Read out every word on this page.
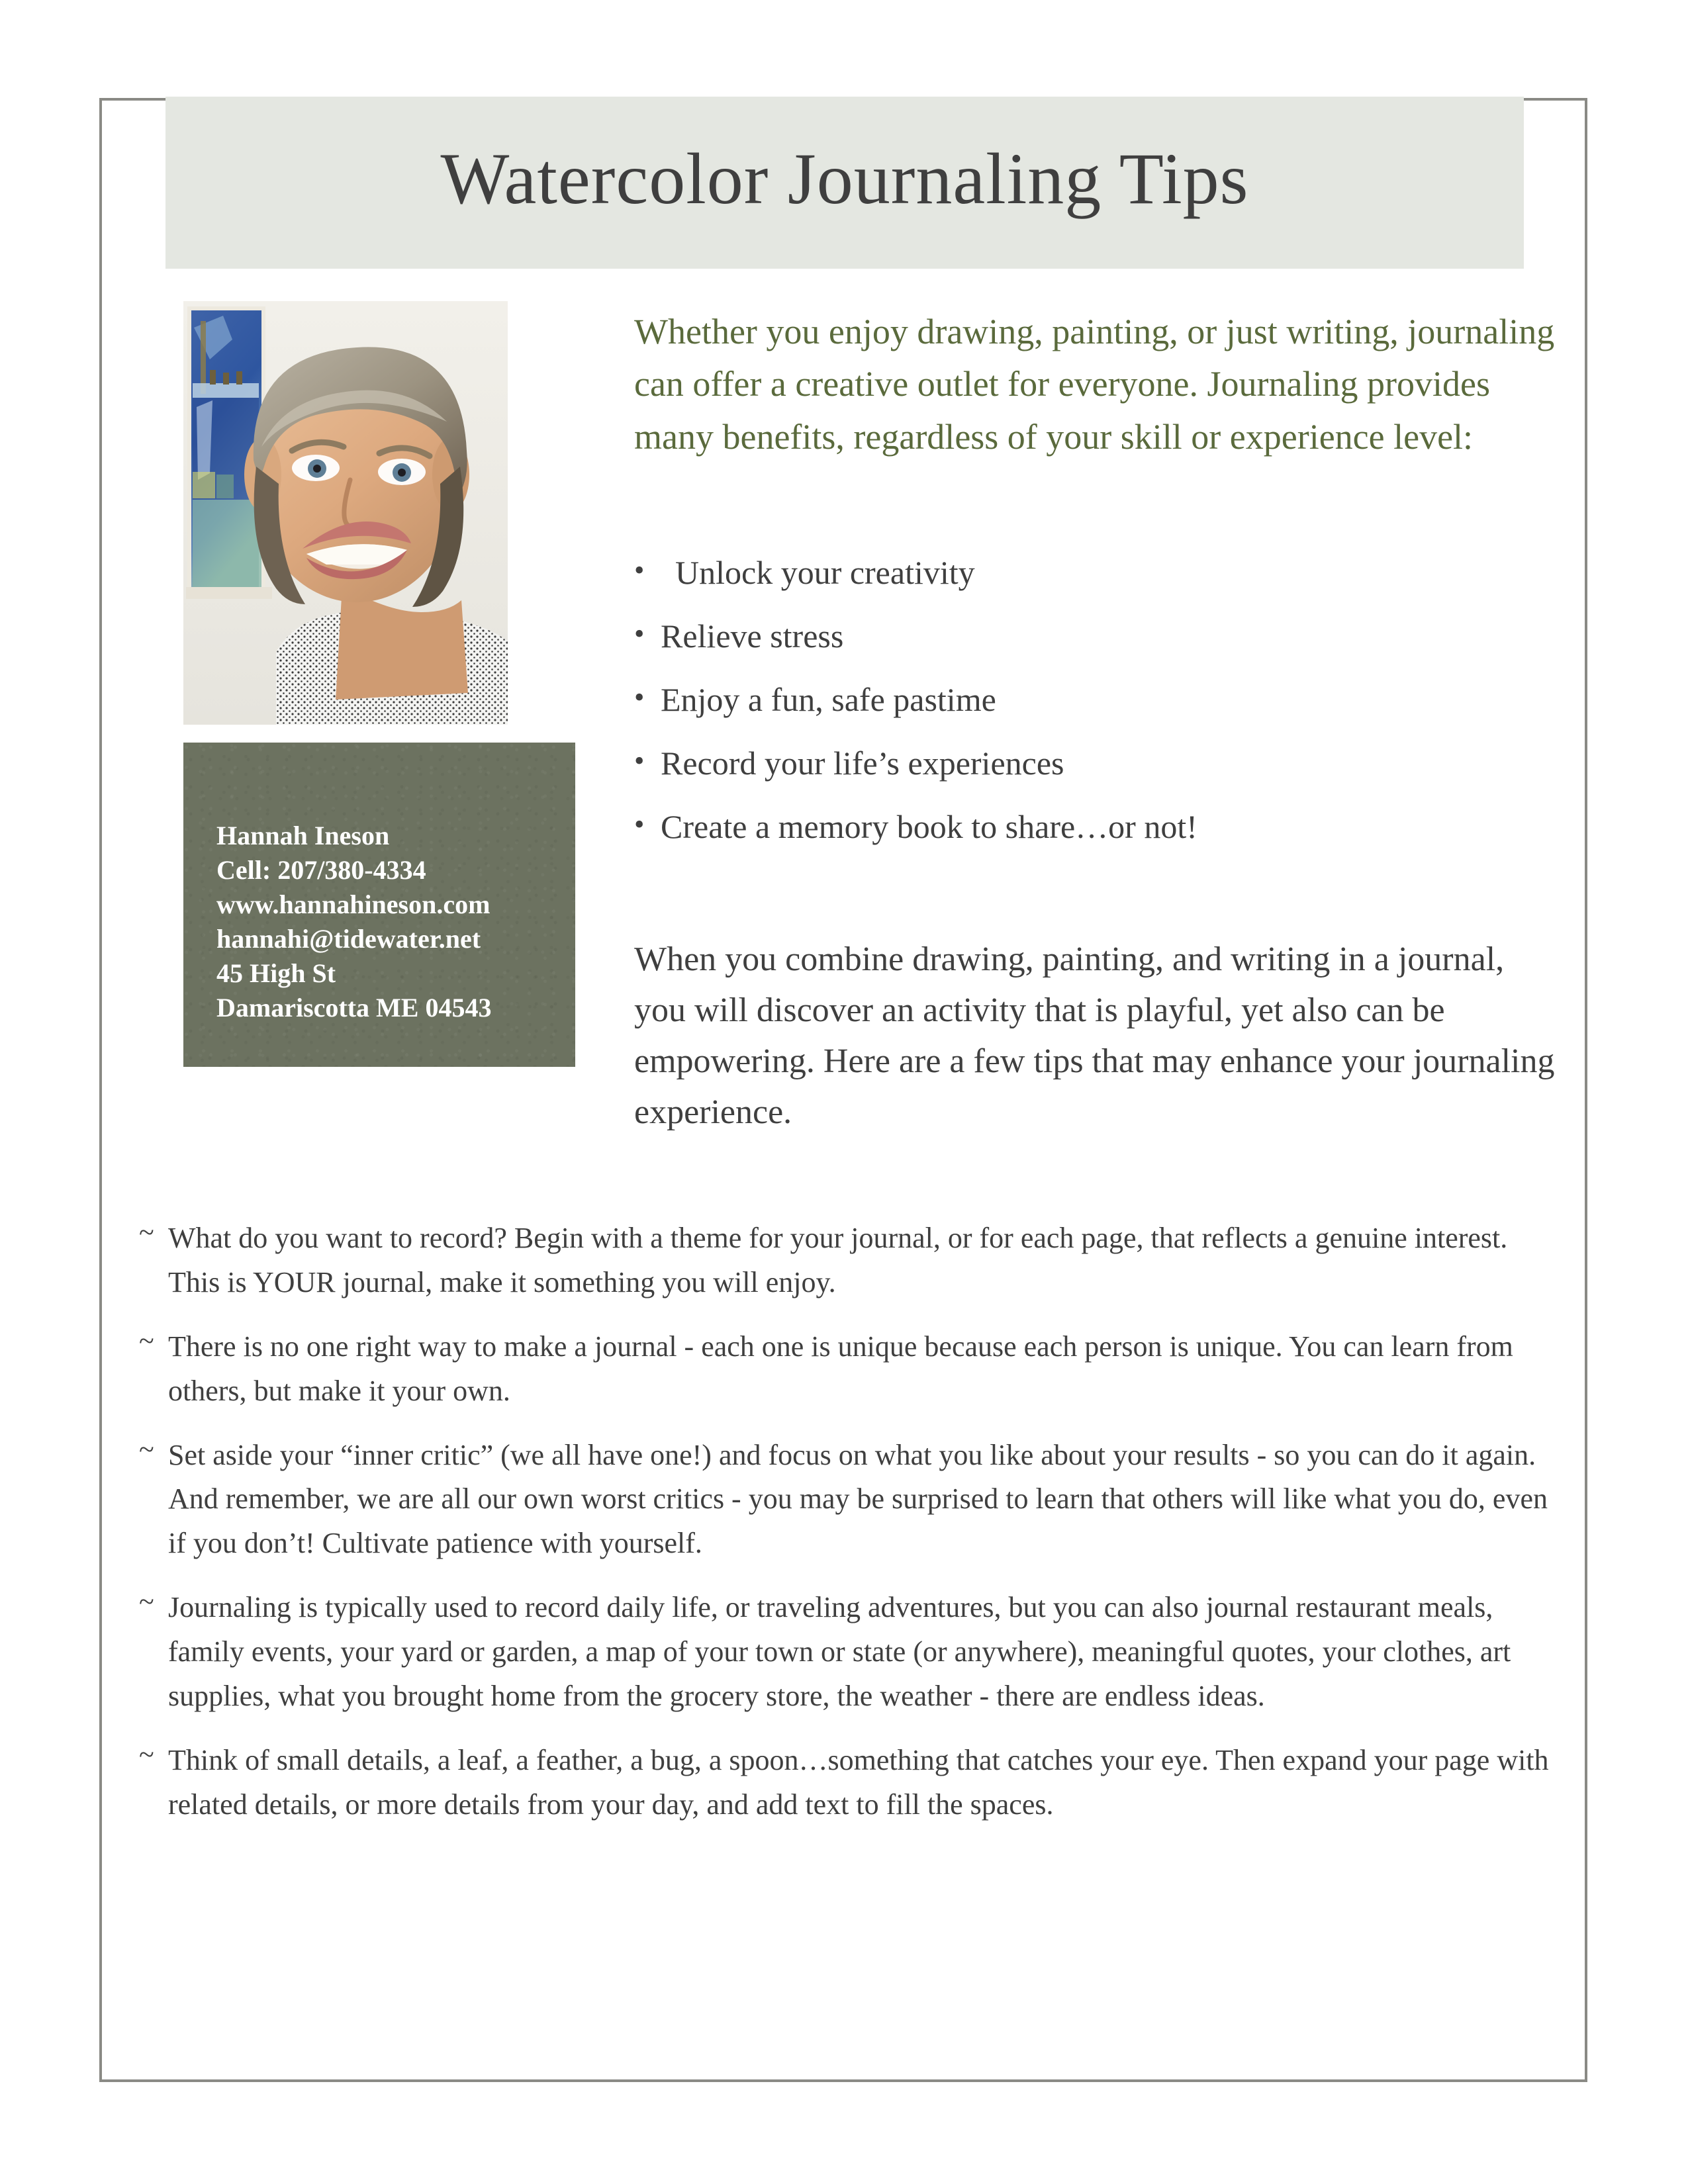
Watercolor Journaling Tips
Hannah Ineson
Cell: 207/380-4334
www.hannahineson.com
hannahi@tidewater.net
45 High St
Damariscotta ME 04543
Whether you enjoy drawing, painting, or just writing, journaling can offer a creative outlet for everyone. Journaling provides many benefits, regardless of your skill or experience level:
• Unlock your creativity
• Relieve stress
• Enjoy a fun, safe pastime
• Record your life’s experiences
• Create a memory book to share…or not!
When you combine drawing, painting, and writing in a journal, you will discover an activity that is playful, yet also can be empowering. Here are a few tips that may enhance your journaling experience.
~ What do you want to record? Begin with a theme for your journal, or for each page, that reflects a genuine interest. This is YOUR journal, make it something you will enjoy.
~ There is no one right way to make a journal - each one is unique because each person is unique. You can learn from others, but make it your own.
~ Set aside your “inner critic” (we all have one!) and focus on what you like about your results - so you can do it again. And remember, we are all our own worst critics - you may be surprised to learn that others will like what you do, even if you don’t! Cultivate patience with yourself.
~ Journaling is typically used to record daily life, or traveling adventures, but you can also journal restaurant meals, family events, your yard or garden, a map of your town or state (or anywhere), meaningful quotes, your clothes, art supplies, what you brought home from the grocery store, the weather - there are endless ideas.
~ Think of small details, a leaf, a feather, a bug, a spoon…something that catches your eye. Then expand your page with related details, or more details from your day, and add text to fill the spaces.
